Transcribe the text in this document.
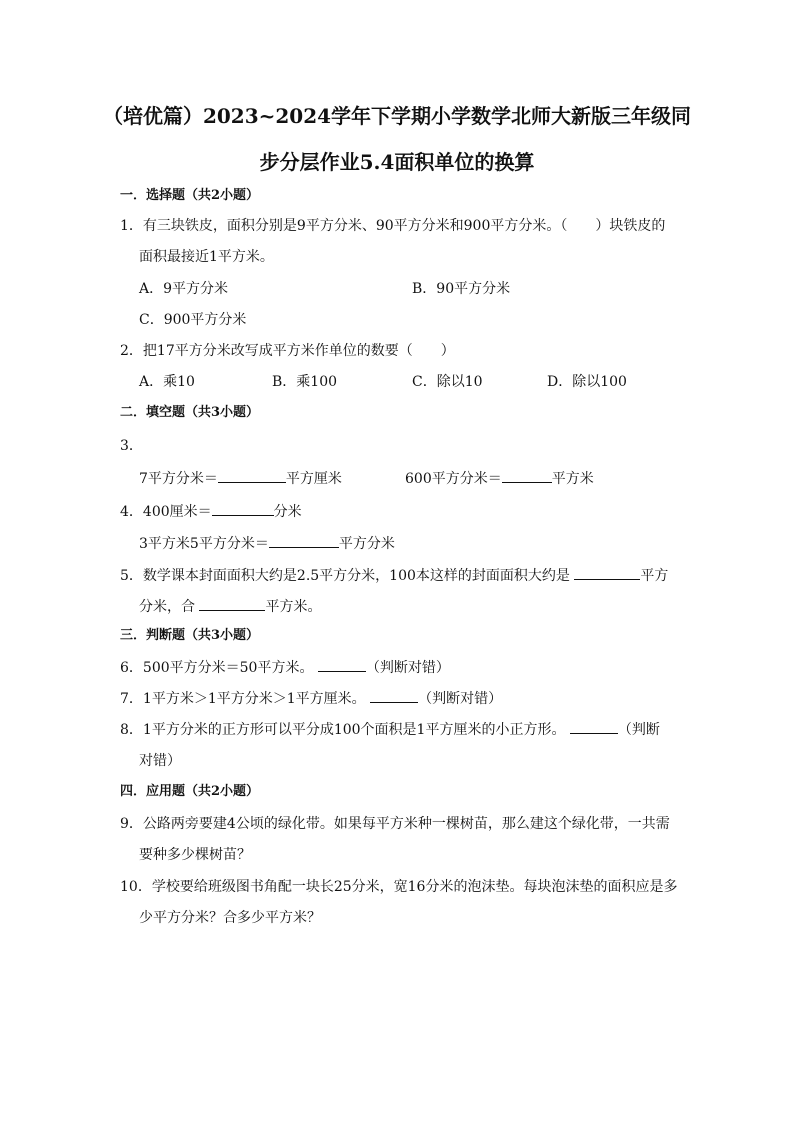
（培优篇）2023~2024学年下学期小学数学北师大新版三年级同
步分层作业5.4面积单位的换算
一．选择题（共2小题）
1．有三块铁皮，面积分别是9平方分米、90平方分米和900平方分米。（　　）块铁皮的
面积最接近1平方米。
A．9平方分米	B．90平方分米
C．900平方分米
2．把17平方分米改写成平方米作单位的数要（　　）
A．乘10	B．乘100	C．除以10	D．除以100
二．填空题（共3小题）
3．
7平方分米＝	平方厘米	600平方分米＝	平方米
4．400厘米＝	分米
3平方米5平方分米＝	平方分米
5．数学课本封面面积大约是2.5平方分米，100本这样的封面面积大约是	平方
分米，合	平方米。
三．判断题（共3小题）
6．500平方分米＝50平方米。	（判断对错）
7．1平方米＞1平方分米＞1平方厘米。	（判断对错）
8．1平方分米的正方形可以平分成100个面积是1平方厘米的小正方形。	（判断
对错）
四．应用题（共2小题）
9．公路两旁要建4公顷的绿化带。如果每平方米种一棵树苗，那么建这个绿化带，一共需
要种多少棵树苗？
10．学校要给班级图书角配一块长25分米，宽16分米的泡沫垫。每块泡沫垫的面积应是多
少平方分米？合多少平方米？
